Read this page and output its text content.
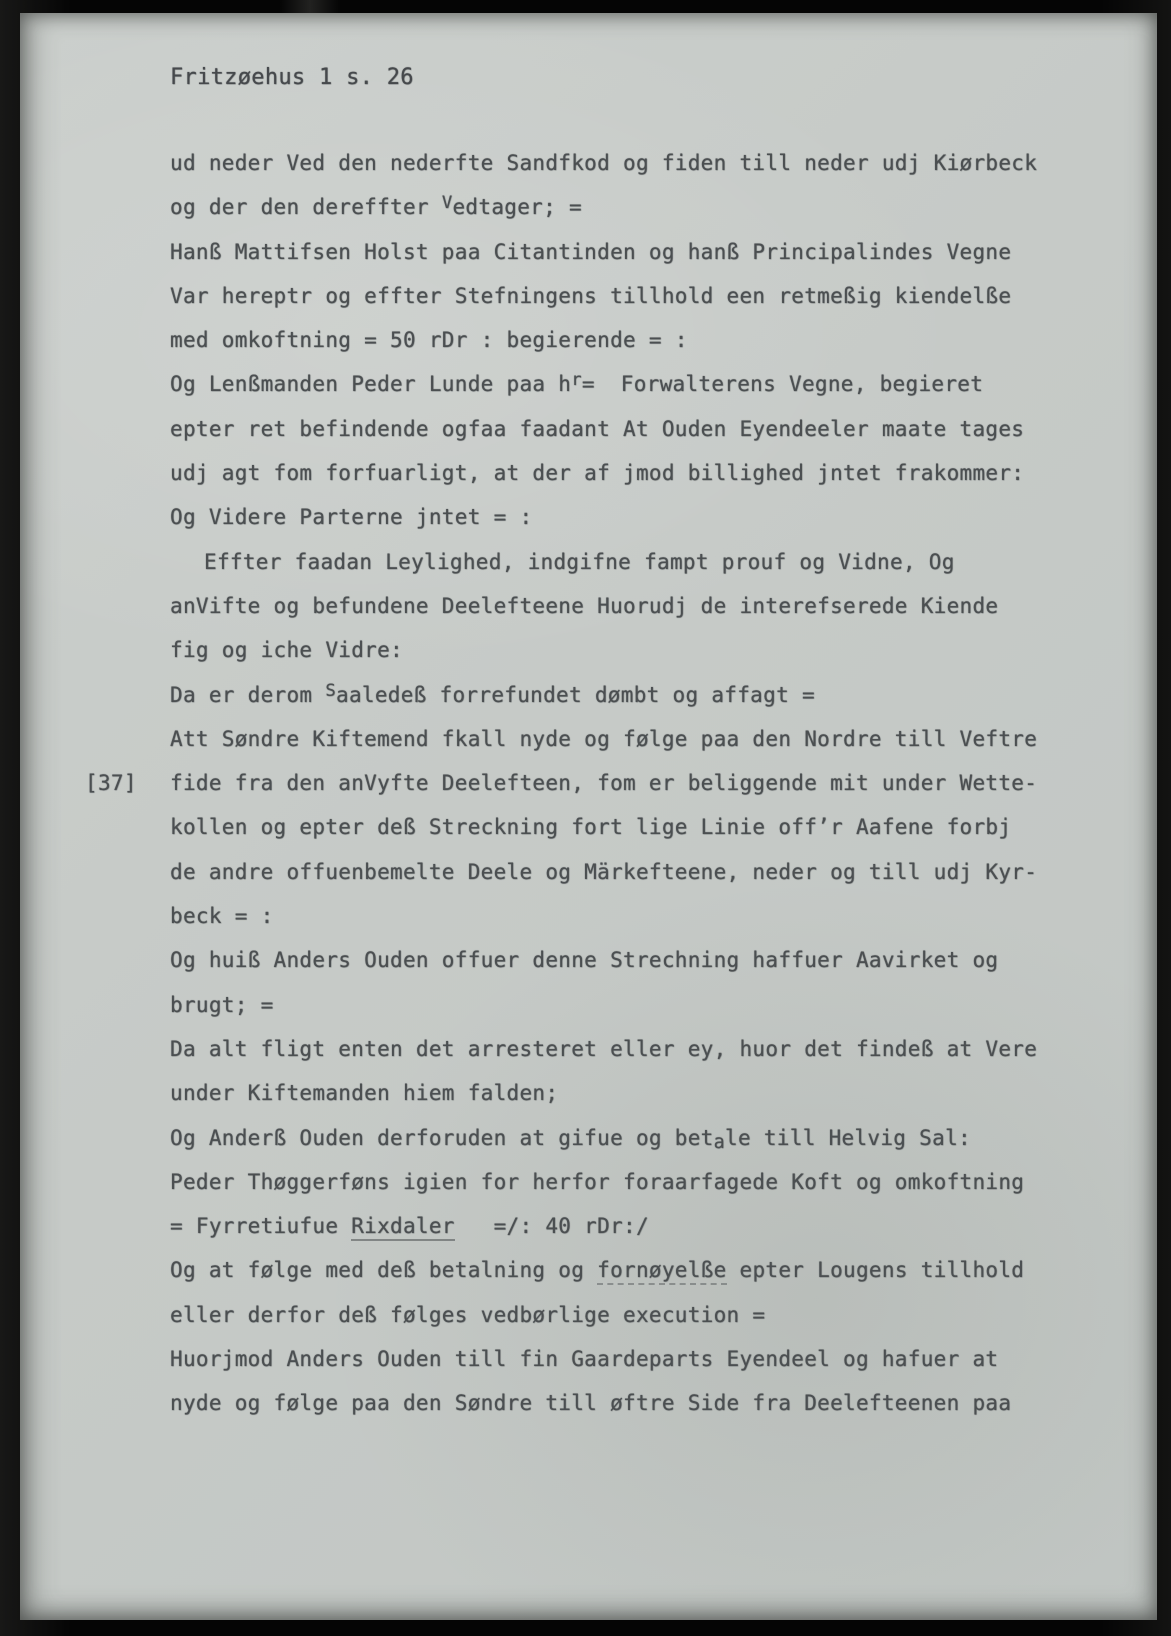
Fritzøehus 1 s. 26
ud neder Ved den nederfte Sandfkod og fiden till neder udj Kiørbeck
og der den dereffter $^V$edtager; =
Hanß Mattifsen Holst paa Citantinden og hanß Principalindes Vegne
Var hereptr og effter Stefningens tillhold een retmeßig kiendelße
med omkoftning = 50 rDr : begierende = :
Og Lenßmanden Peder Lunde paa $h^r=$  Forwalterens Vegne, begieret
epter ret befindende ogfaa faadant At Ouden Eyendeeler maate tages
udj agt fom forfuarligt, at der af jmod billighed jntet frakommer:
Og Videre Parterne jntet = :
Effter faadan Leylighed, indgifne fampt prouf og Vidne, Og
anVifte og befundene Deelefteene Huorudj de interefserede Kiende
fig og iche Vidre:
Da er derom $^S$aaledeß forrefundet dømbt og affagt =
Att Søndre Kiftemend fkall nyde og følge paa den Nordre till Veftre
[37] fide fra den anVyfte Deelefteen, fom er beliggende mit under Wette-
kollen og epter deß Streckning fort lige Linie off’r Aafene forbj
de andre offuenbemelte Deele og Märkefteene, neder og till udj Kyr-
beck = :
Og huiß Anders Ouden offuer denne Strechning haffuer Aavirket og
brugt; =
Da alt fligt enten det arresteret eller ey, huor det findeß at Vere
under Kiftemanden hiem falden;
Og Anderß Ouden derforuden at gifue og betale till Helvig Sal:
Peder Thøggerføns igien for herfor foraarfagede Koft og omkoftning
= Fyrretiufue Rixdaler   =/: 40 rDr:/
Og at følge med deß betalning og fornøyelße epter Lougens tillhold
eller derfor deß følges vedbørlige execution =
Huorjmod Anders Ouden till fin Gaardeparts Eyendeel og hafuer at
nyde og følge paa den Søndre till øftre Side fra Deelefteenen paa
